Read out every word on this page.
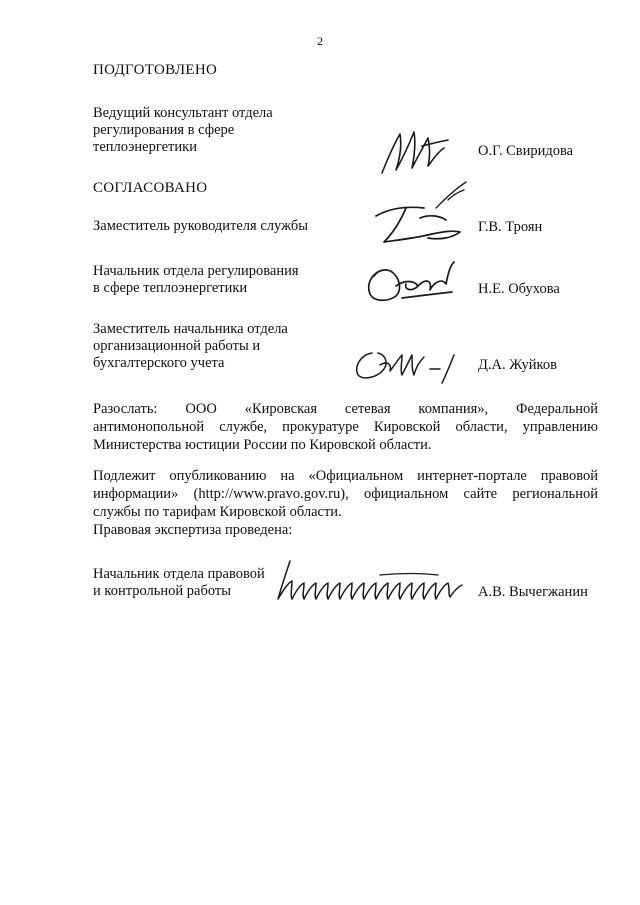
2
ПОДГОТОВЛЕНО
Ведущий консультант отдела
регулирования в сфере
теплоэнергетики	О.Г. Свиридова
СОГЛАСОВАНО
Заместитель руководителя службы	Г.В. Троян
Начальник отдела регулирования
в сфере теплоэнергетики	Н.Е. Обухова
Заместитель начальника отдела
организационной работы и
бухгалтерского учета	Д.А. Жуйков
Разослать: ООО «Кировская сетевая компания», Федеральной
антимонопольной службе, прокуратуре Кировской области, управлению
Министерства юстиции России по Кировской области.
Подлежит опубликованию на «Официальном интернет-портале правовой
информации» (http://www.pravo.gov.ru), официальном сайте региональной
службы по тарифам Кировской области.
Правовая экспертиза проведена:
Начальник отдела правовой
и контрольной работы	А.В. Вычегжанин
